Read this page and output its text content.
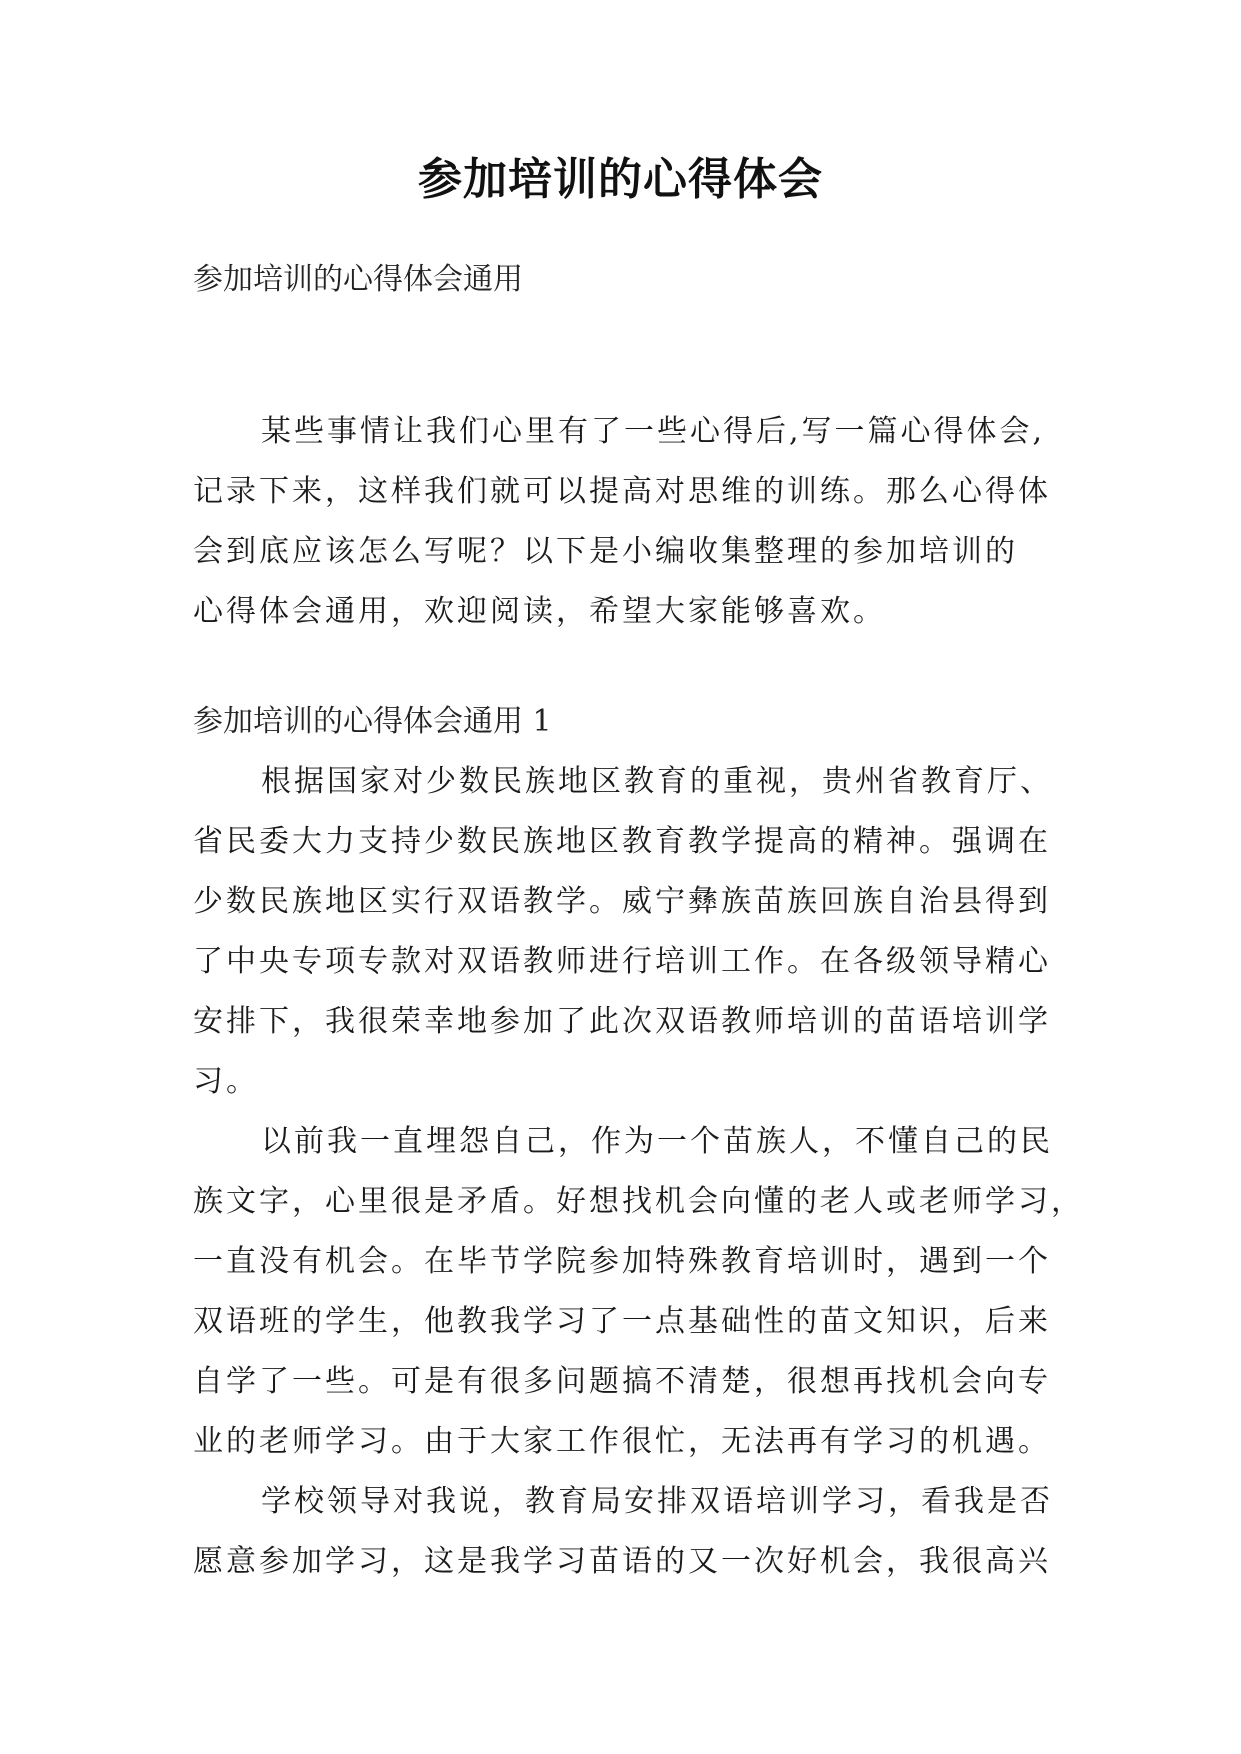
参加培训的心得体会
参加培训的心得体会通用
某些事情让我们心里有了一些心得后,写一篇心得体会,
记录下来，这样我们就可以提高对思维的训练。那么心得体
会到底应该怎么写呢？以下是小编收集整理的参加培训的
心得体会通用，欢迎阅读，希望大家能够喜欢。
参加培训的心得体会通用 1
根据国家对少数民族地区教育的重视，贵州省教育厅、
省民委大力支持少数民族地区教育教学提高的精神。强调在
少数民族地区实行双语教学。威宁彝族苗族回族自治县得到
了中央专项专款对双语教师进行培训工作。在各级领导精心
安排下，我很荣幸地参加了此次双语教师培训的苗语培训学
习。
以前我一直埋怨自己，作为一个苗族人，不懂自己的民
族文字，心里很是矛盾。好想找机会向懂的老人或老师学习，
一直没有机会。在毕节学院参加特殊教育培训时，遇到一个
双语班的学生，他教我学习了一点基础性的苗文知识，后来
自学了一些。可是有很多问题搞不清楚，很想再找机会向专
业的老师学习。由于大家工作很忙，无法再有学习的机遇。
学校领导对我说，教育局安排双语培训学习，看我是否
愿意参加学习，这是我学习苗语的又一次好机会，我很高兴
